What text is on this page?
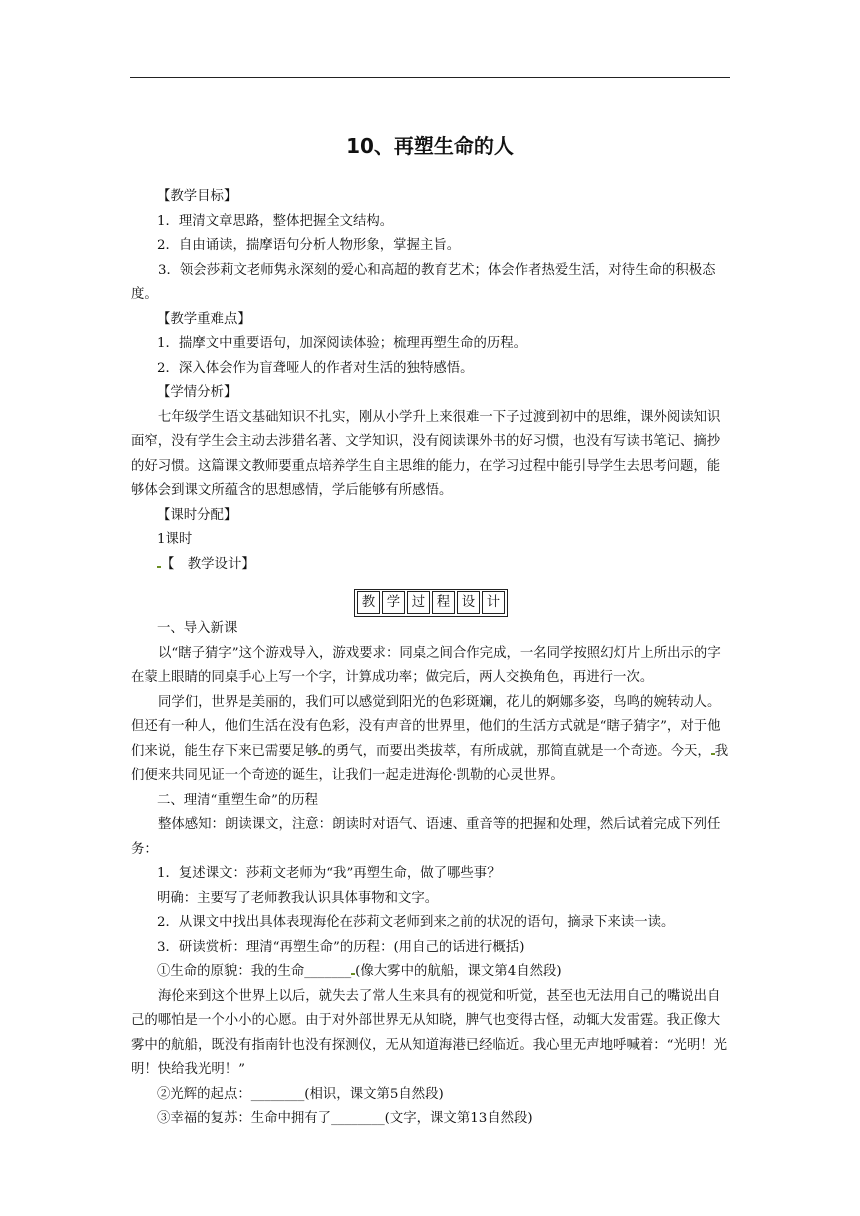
10、再塑生命的人

【教学目标】

1．理清文章思路，整体把握全文结构。

2．自由诵读，揣摩语句分析人物形象，掌握主旨。

3．领会莎莉文老师隽永深刻的爱心和高超的教育艺术；体会作者热爱生活，对待生命的积极态度。

【教学重难点】

1．揣摩文中重要语句，加深阅读体验；梳理再塑生命的历程。

2．深入体会作为盲聋哑人的作者对生活的独特感悟。

【学情分析】

七年级学生语文基础知识不扎实，刚从小学升上来很难一下子过渡到初中的思维，课外阅读知识面窄，没有学生会主动去涉猎名著、文学知识，没有阅读课外书的好习惯，也没有写读书笔记、摘抄的好习惯。这篇课文教师要重点培养学生自主思维的能力，在学习过程中能引导学生去思考问题，能够体会到课文所蕴含的思想感情，学后能够有所感悟。

【课时分配】

1课时

【　教学设计】

教 学 过 程 设 计

一、导入新课

以“瞎子猜字”这个游戏导入，游戏要求：同桌之间合作完成，一名同学按照幻灯片上所出示的字在蒙上眼睛的同桌手心上写一个字，计算成功率；做完后，两人交换角色，再进行一次。

同学们，世界是美丽的，我们可以感觉到阳光的色彩斑斓，花儿的婀娜多姿，鸟鸣的婉转动人。但还有一种人，他们生活在没有色彩，没有声音的世界里，他们的生活方式就是“瞎子猜字”，对于他们来说，能生存下来已需要足够 的勇气，而要出类拔萃，有所成就，那简直就是一个奇迹。今天， 我们便来共同见证一个奇迹的诞生，让我们一起走进海伦·凯勒的心灵世界。

二、理清“重塑生命”的历程

整体感知：朗读课文，注意：朗读时对语气、语速、重音等的把握和处理，然后试着完成下列任务：

1．复述课文：莎莉文老师为“我”再塑生命，做了哪些事？

明确：主要写了老师教我认识具体事物和文字。

2．从课文中找出具体表现海伦在莎莉文老师到来之前的状况的语句，摘录下来读一读。

3．研读赏析：理清“再塑生命”的历程：(用自己的话进行概括)

①生命的原貌：我的生命_______ (像大雾中的航船，课文第4自然段)

海伦来到这个世界上以后，就失去了常人生来具有的视觉和听觉，甚至也无法用自己的嘴说出自己的哪怕是一个小小的心愿。由于对外部世界无从知晓，脾气也变得古怪，动辄大发雷霆。我正像大雾中的航船，既没有指南针也没有探测仪，无从知道海港已经临近。我心里无声地呼喊着：“光明！光明！快给我光明！”

②光辉的起点：________(相识，课文第5自然段)

③幸福的复苏：生命中拥有了________(文字，课文第13自然段)
